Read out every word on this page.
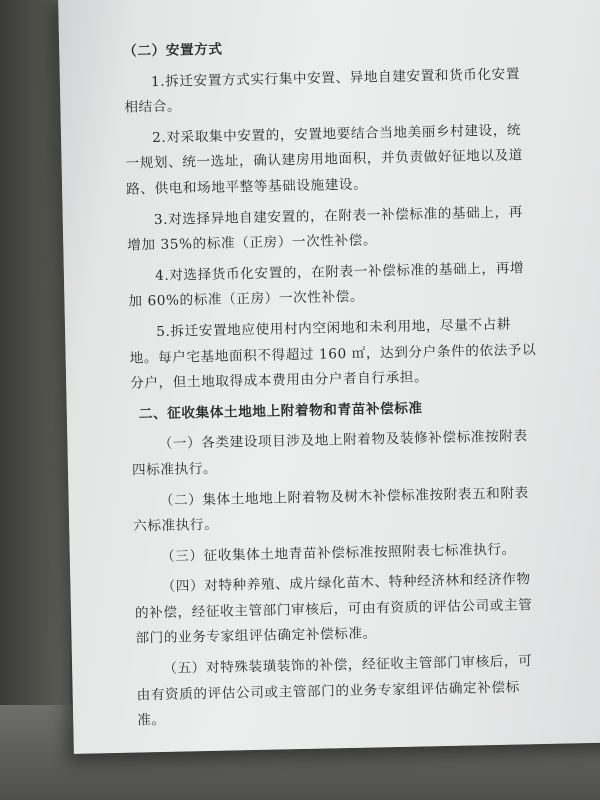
（二）安置方式

1.拆迁安置方式实行集中安置、异地自建安置和货币化安置相结合。

2.对采取集中安置的，安置地要结合当地美丽乡村建设，统一规划、统一选址，确认建房用地面积，并负责做好征地以及道路、供电和场地平整等基础设施建设。

3.对选择异地自建安置的，在附表一补偿标准的基础上，再增加 35%的标准（正房）一次性补偿。

4.对选择货币化安置的，在附表一补偿标准的基础上，再增加 60%的标准（正房）一次性补偿。

5.拆迁安置地应使用村内空闲地和未利用地，尽量不占耕地。每户宅基地面积不得超过 160 ㎡，达到分户条件的依法予以分户，但土地取得成本费用由分户者自行承担。

二、征收集体土地地上附着物和青苗补偿标准

（一）各类建设项目涉及地上附着物及装修补偿标准按附表四标准执行。

（二）集体土地地上附着物及树木补偿标准按附表五和附表六标准执行。

（三）征收集体土地青苗补偿标准按照附表七标准执行。

（四）对特种养殖、成片绿化苗木、特种经济林和经济作物的补偿，经征收主管部门审核后，可由有资质的评估公司或主管部门的业务专家组评估确定补偿标准。

（五）对特殊装璜装饰的补偿，经征收主管部门审核后，可由有资质的评估公司或主管部门的业务专家组评估确定补偿标准。
